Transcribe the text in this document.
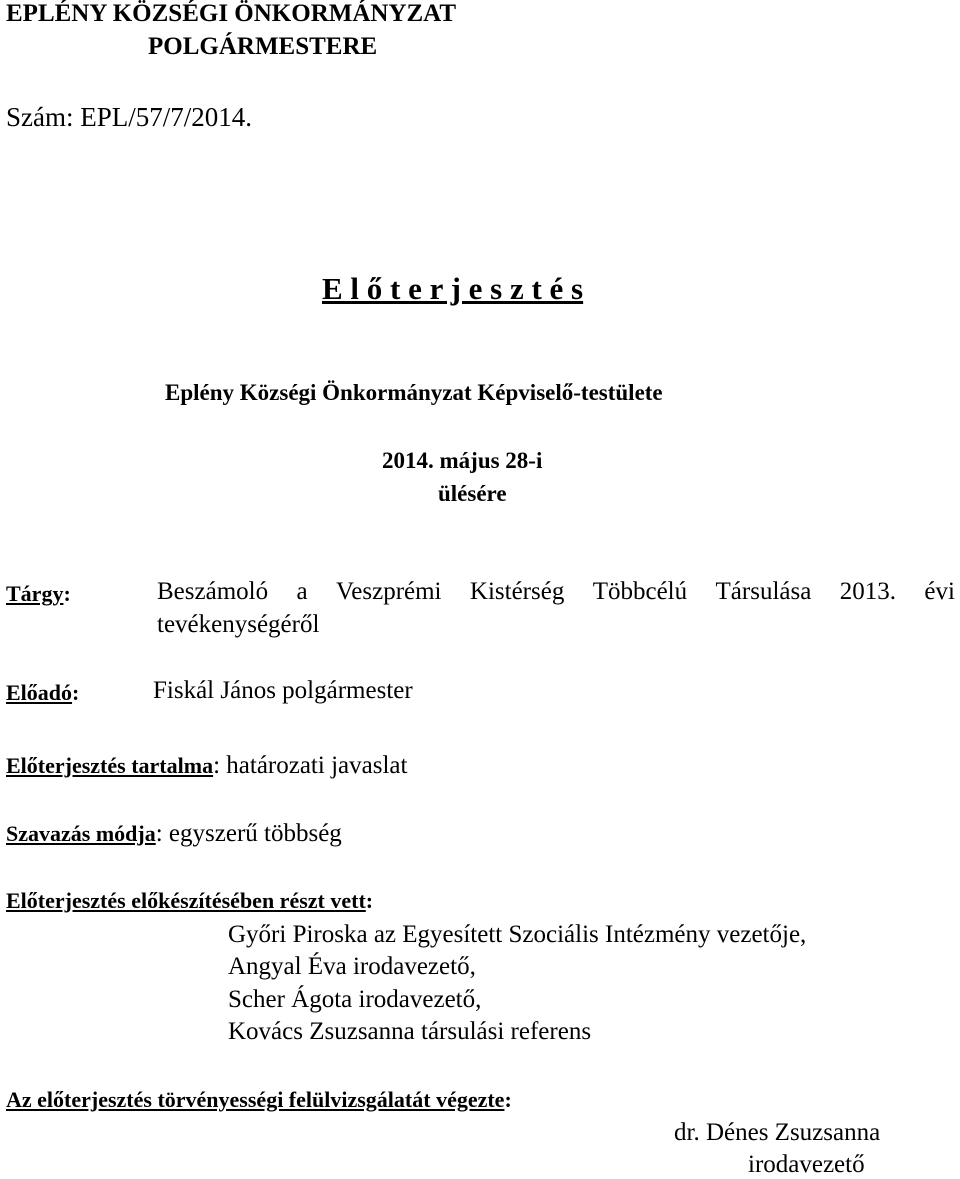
EPLÉNY KÖZSÉGI ÖNKORMÁNYZAT
POLGÁRMESTERE
Szám: EPL/57/7/2014.
E l ő t e r j e s z t é s
Eplény Községi Önkormányzat Képviselő-testülete
2014. május 28-i
ülésére
Tárgy:	Beszámoló a Veszprémi Kistérség Többcélú Társulása 2013. évi
tevékenységéről
Előadó:	Fiskál János polgármester
Előterjesztés tartalma: határozati javaslat
Szavazás módja: egyszerű többség
Előterjesztés előkészítésében részt vett:
Győri Piroska az Egyesített Szociális Intézmény vezetője,
Angyal Éva irodavezető,
Scher Ágota irodavezető,
Kovács Zsuzsanna társulási referens
Az előterjesztés törvényességi felülvizsgálatát végezte:
dr. Dénes Zsuzsanna
irodavezető
